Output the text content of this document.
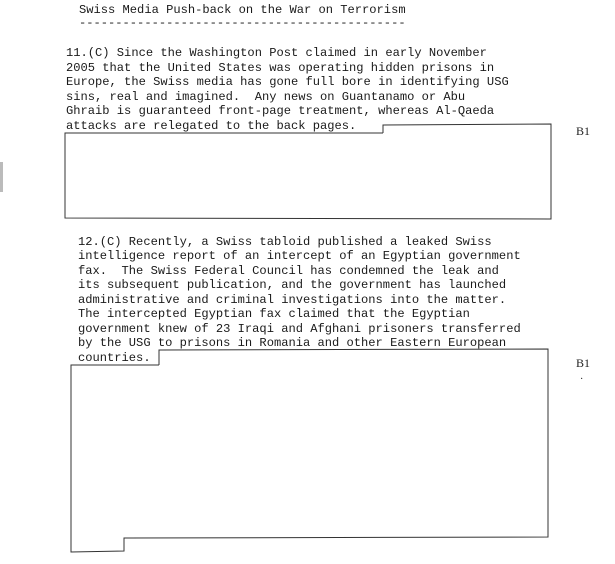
Swiss Media Push-back on the War on Terrorism
---------------------------------------------
11.(C) Since the Washington Post claimed in early November
2005 that the United States was operating hidden prisons in
Europe, the Swiss media has gone full bore in identifying USG
sins, real and imagined.  Any news on Guantanamo or Abu
Ghraib is guaranteed front-page treatment, whereas Al-Qaeda
attacks are relegated to the back pages.	B1
12.(C) Recently, a Swiss tabloid published a leaked Swiss
intelligence report of an intercept of an Egyptian government
fax.  The Swiss Federal Council has condemned the leak and
its subsequent publication, and the government has launched
administrative and criminal investigations into the matter.
The intercepted Egyptian fax claimed that the Egyptian
government knew of 23 Iraqi and Afghani prisoners transferred
by the USG to prisons in Romania and other Eastern European
countries.	B1
·
